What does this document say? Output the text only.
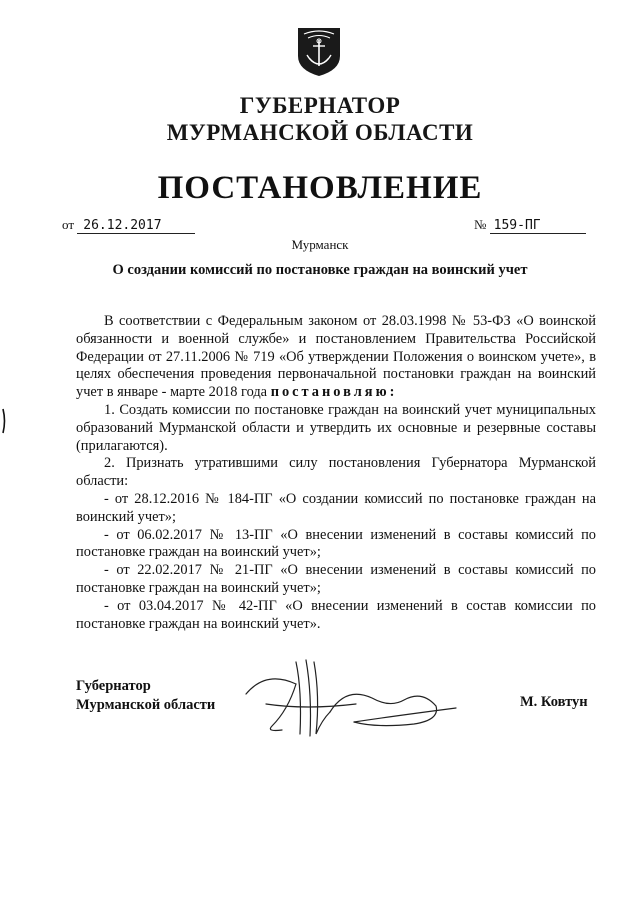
ГУБЕРНАТОР
МУРМАНСКОЙ ОБЛАСТИ
ПОСТАНОВЛЕНИЕ
от 26.12.2017	№ 159-ПГ
Мурманск
О создании комиссий по постановке граждан на воинский учет

В соответствии с Федеральным законом от 28.03.1998 № 53-ФЗ «О воинской обязанности и военной службе» и постановлением Правительства Российской Федерации от 27.11.2006 № 719 «Об утверждении Положения о воинском учете», в целях обеспечения проведения первоначальной постановки граждан на воинский учет в январе - марте 2018 года постановляю:

1. Создать комиссии по постановке граждан на воинский учет муниципальных образований Мурманской области и утвердить их основные и резервные составы (прилагаются).

2. Признать утратившими силу постановления Губернатора Мурманской области:

- от 28.12.2016 № 184-ПГ «О создании комиссий по постановке граждан на воинский учет»;

- от 06.02.2017 № 13-ПГ «О внесении изменений в составы комиссий по постановке граждан на воинский учет»;

- от 22.02.2017 № 21-ПГ «О внесении изменений в составы комиссий по постановке граждан на воинский учет»;

- от 03.04.2017 № 42-ПГ «О внесении изменений в состав комиссии по постановке граждан на воинский учет».

Губернатор
Мурманской области	М. Ковтун
